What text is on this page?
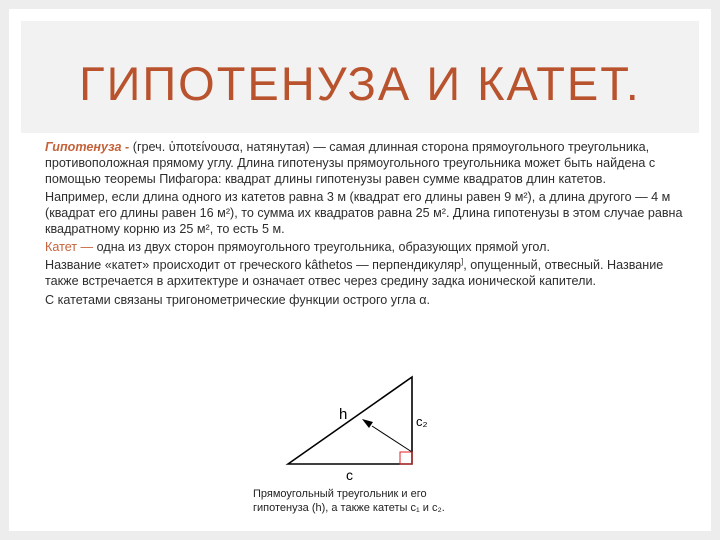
ГИПОТЕНУЗА И КАТЕТ.

Гипотенуза - (греч. ὑποτείνουσα, натянутая) — самая длинная сторона прямоугольного треугольника, противоположная прямому углу. Длина гипотенузы прямоугольного треугольника может быть найдена с помощью теоремы Пифагора: квадрат длины гипотенузы равен сумме квадратов длин катетов.

Например, если длина одного из катетов равна 3 м (квадрат его длины равен 9 м²), а длина другого — 4 м (квадрат его длины равен 16 м²), то сумма их квадратов равна 25 м². Длина гипотенузы в этом случае равна квадратному корню из 25 м², то есть 5 м.

Катет — одна из двух сторон прямоугольного треугольника, образующих прямой угол.

Название «катет» происходит от греческого kâthetos — перпендикуляр], опущенный, отвесный. Название также встречается в архитектуре и означает отвес через средину задка ионической капители.

С катетами связаны тригонометрические функции острого угла α.

h	c₂
c
Прямоугольный треугольник и его
гипотенуза (h), а также катеты c₁ и c₂.
